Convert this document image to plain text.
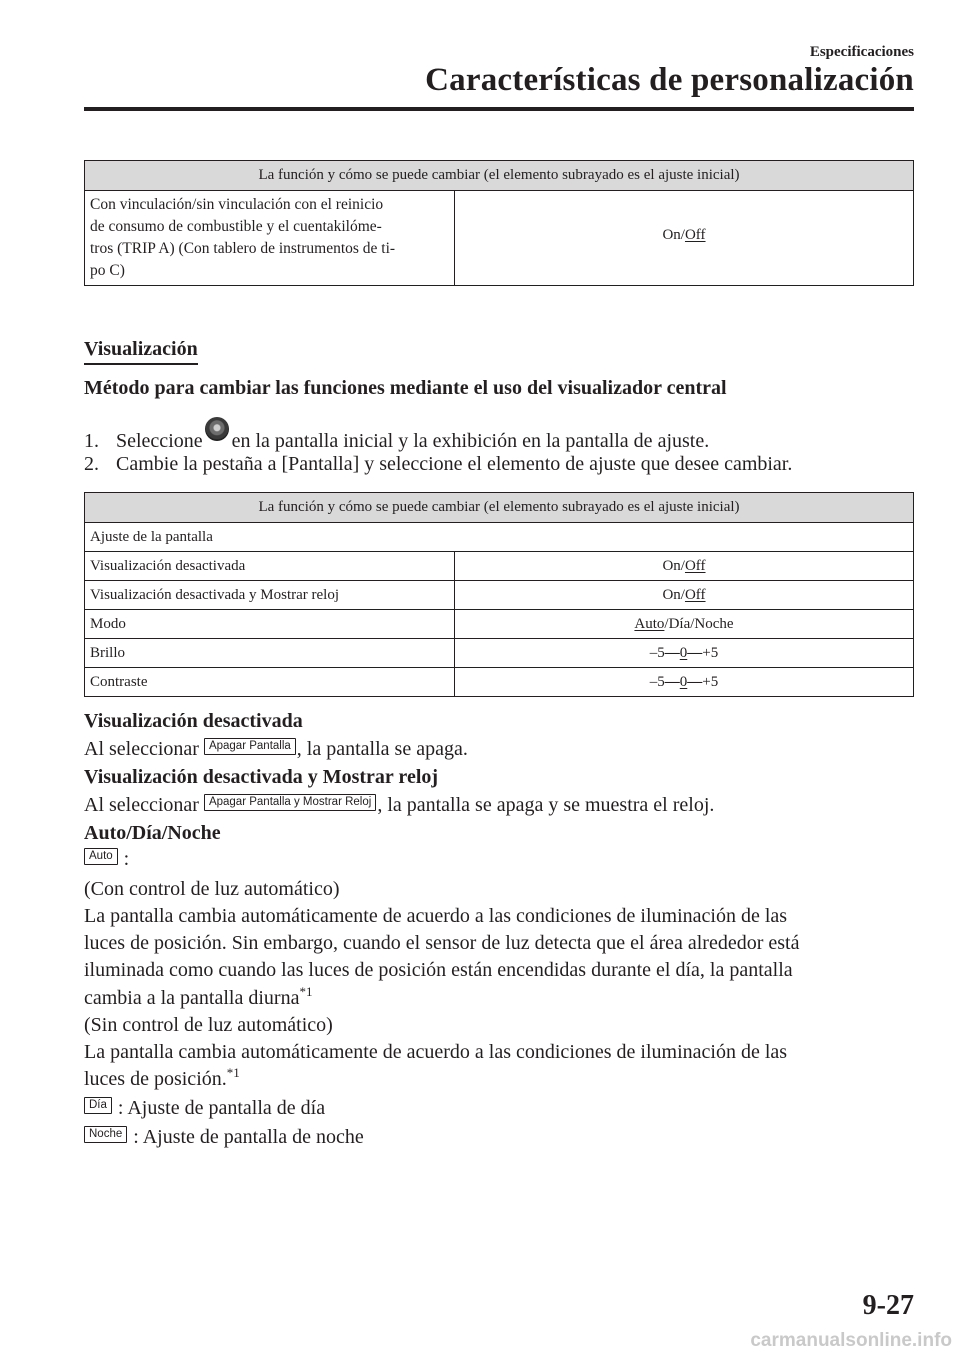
Especificaciones
Características de personalización
La función y cómo se puede cambiar (el elemento subrayado es el ajuste inicial)
Con vinculación/sin vinculación con el reinicio
de consumo de combustible y el cuentakilóme-
tros (TRIP A) (Con tablero de instrumentos de ti-
po C)	On/Off
Visualización
Método para cambiar las funciones mediante el uso del visualizador central
1. Seleccione en la pantalla inicial y la exhibición en la pantalla de ajuste.
2. Cambie la pestaña a [Pantalla] y seleccione el elemento de ajuste que desee cambiar.
La función y cómo se puede cambiar (el elemento subrayado es el ajuste inicial)	
Ajuste de la pantalla	
Visualización desactivada	On/Off
Visualización desactivada y Mostrar reloj	On/Off
Modo	Auto/Día/Noche
Brillo	–5―0―+5
Contraste	–5―0―+5
Visualización desactivada
Al seleccionar Apagar Pantalla , la pantalla se apaga.
Visualización desactivada y Mostrar reloj
Al seleccionar Apagar Pantalla y Mostrar Reloj , la pantalla se apaga y se muestra el reloj.
Auto/Día/Noche
Auto :
(Con control de luz automático)
La pantalla cambia automáticamente de acuerdo a las condiciones de iluminación de las
luces de posición. Sin embargo, cuando el sensor de luz detecta que el área alrededor está
iluminada como cuando las luces de posición están encendidas durante el día, la pantalla
cambia a la pantalla diurna$^{*1}$
(Sin control de luz automático)
La pantalla cambia automáticamente de acuerdo a las condiciones de iluminación de las
luces de posición.$^{*1}$
Día : Ajuste de pantalla de día
Noche : Ajuste de pantalla de noche
9-27
carmanualsonline.info
